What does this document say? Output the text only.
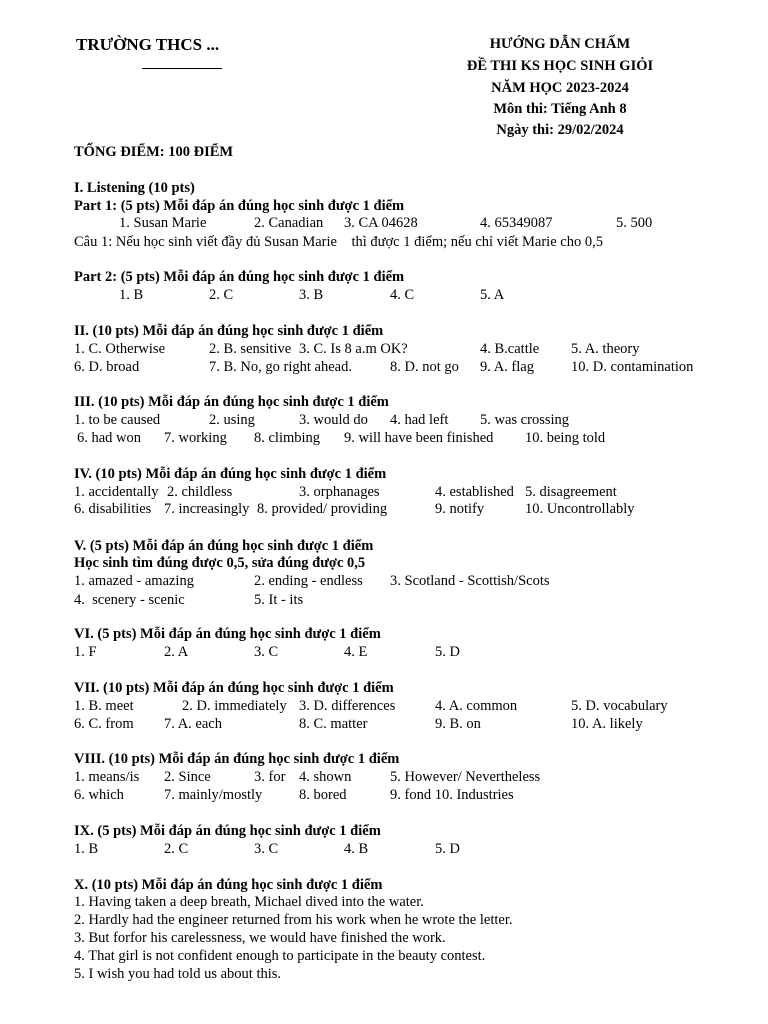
TRƯỜNG THCS ...	HƯỚNG DẪN CHẤM
ĐỀ THI KS HỌC SINH GIỎI
NĂM HỌC 2023-2024
Môn thi: Tiếng Anh 8
Ngày thi: 29/02/2024
TỔNG ĐIỂM: 100 ĐIỂM
I. Listening (10 pts)
Part 1: (5 pts) Mỗi đáp án đúng học sinh được 1 điểm
1. Susan Marie	2. Canadian 3. CA 04628	4. 65349087	5. 500
Câu 1: Nếu học sinh viết đầy đủ Susan Marie    thì được 1 điểm; nếu chỉ viết Marie cho 0,5
Part 2: (5 pts) Mỗi đáp án đúng học sinh được 1 điểm
1. B	2. C	3. B	4. C	5. A
II. (10 pts) Mỗi đáp án đúng học sinh được 1 điểm
1. C. Otherwise	2. B. sensitive 3. C. Is 8 a.m OK?	4. B.cattle 5. A. theory
6. D. broad	7. B. No, go right ahead.	8. D. not go 9. A. flag	10. D. contamination
III. (10 pts) Mỗi đáp án đúng học sinh được 1 điểm
1. to be caused	2. using	3. would do 4. had left 5. was crossing
6. had won 7. working 8. climbing 9. will have been finished 10. being told
IV. (10 pts) Mỗi đáp án đúng học sinh được 1 điểm
1. accidentally 2. childless	3. orphanages	4. established 5. disagreement
6. disabilities 7. increasingly 8. provided/ providing	9. notify	10. Uncontrollably
V. (5 pts) Mỗi đáp án đúng học sinh được 1 điểm
Học sinh tìm đúng được 0,5, sửa đúng được 0,5
1. amazed - amazing	2. ending - endless 3. Scotland - Scottish/Scots
4.  scenery - scenic	5. It - its
VI. (5 pts) Mỗi đáp án đúng học sinh được 1 điểm
1. F	2. A	3. C	4. E	5. D
VII. (10 pts) Mỗi đáp án đúng học sinh được 1 điểm
1. B. meet	2. D. immediately 3. D. differences	4. A. common	5. D. vocabulary
6. C. from 7. A. each	8. C. matter	9. B. on	10. A. likely
VIII. (10 pts) Mỗi đáp án đúng học sinh được 1 điểm
1. means/is 2. Since	3. for 4. shown	5. However/ Nevertheless
6. which	7. mainly/mostly	8. bored	9. fond 10. Industries
IX. (5 pts) Mỗi đáp án đúng học sinh được 1 điểm
1. B	2. C	3. C	4. B	5. D
X. (10 pts) Mỗi đáp án đúng học sinh được 1 điểm
1. Having taken a deep breath, Michael dived into the water.
2. Hardly had the engineer returned from his work when he wrote the letter.
3. But forfor his carelessness, we would have finished the work.
4. That girl is not confident enough to participate in the beauty contest.
5. I wish you had told us about this.
